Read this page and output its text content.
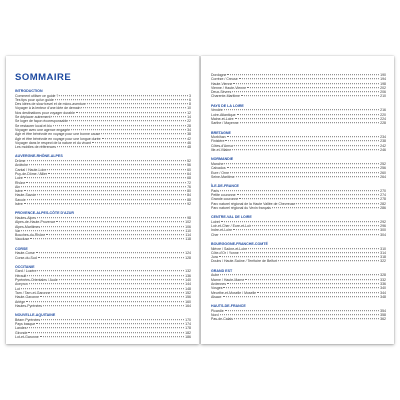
SOMMAIRE
INTRODUCTION
Comment utiliser ce guide ?	3
Tes tips pour qu'un guide	6
Des idées de slow travel et de micro-aventure	8
Voyager à la lenteur d'une idée de demain	10
Nos destinations pour voyager durable	12
Se déplacer autrement	14
Se loger de façon écoresponsable	22
Se restaurer local et bio	28
Voyager avec une agence engagée	34
Agir et être bénévole en voyage pour une bonne cause	38
Agir et être bénévole en voyage pour une longue durée	42
Voyager dans le respect de la nature et du vivant	46
Les mobiles de références	48
AUVERGNE-RHÔNE-ALPES
Drôme	52
Ardèche	56
Cantal / Haute-Loire	60
Puy-de-Dôme / Allier	64
Loire	68
Rhône	72
Ain	76
Isère	80
Haute-Savoie	84
Savoie	88
Isère	92
PROVENCE-ALPES-CÔTE D'AZUR
Hautes-Alpes	98
Alpes-de-Haute-Provence	102
Alpes-Maritimes	106
Var	110
Bouches-du-Rhône	114
Vaucluse	118
CORSE
Haute-Corse	124
Corse-du-Sud	128
OCCITANIE
Gard / Lozère	132
Hérault	136
Pyrénées-Orientales / Aude	140
Aveyron	144
Lot	148
Tarn / Tarn-et-Garonne	152
Haute-Garonne	156
Ariège	160
Hautes-Pyrénées	164
NOUVELLE-AQUITAINE
Béarn Pyrénées	170
Pays basque	174
Landes	178
Gironde	182
Lot-et-Garonne	186
Dordogne	190
Corrèze / Creuse	194
Haute-Vienne	198
Vienne / Haute-Vienne	202
Deux-Sèvres	206
Charente-Maritime	210
PAYS DE LA LOIRE
Vendée	216
Loire-Atlantique	220
Maine-et-Loire	224
Sarthe / Mayenne	228
BRETAGNE
Morbihan	234
Finistère	238
Côtes-d'Armor	242
Ille-et-Vilaine	246
NORMANDIE
Manche	252
Calvados	256
Eure / Orne	260
Seine-Maritime	264
ÎLE-DE-FRANCE
Paris	270
Petite couronne	274
Grande couronne	278
Parc naturel régional de la Haute Vallée de Chevreuse	282
Parc naturel régional du Vexin français	286
CENTRE-VAL DE LOIRE
Loiret	292
Loir-et-Cher / Eure-et-Loir	296
Indre-et-Loire	300
Cher	304
BOURGOGNE-FRANCHE-COMTÉ
Nièvre / Saône-et-Loire	310
Côte-d'Or / Yonne	314
Jura	318
Doubs / Haute-Saône / Territoire de Belfort	322
GRAND EST
Aube	328
Marne / Haute-Marne	332
Ardennes	336
Vosges	340
Meurthe-et-Moselle / Moselle	344
Alsace	348
HAUTS-DE-FRANCE
Picardie	354
Nord	358
Pas-de-Calais	362
